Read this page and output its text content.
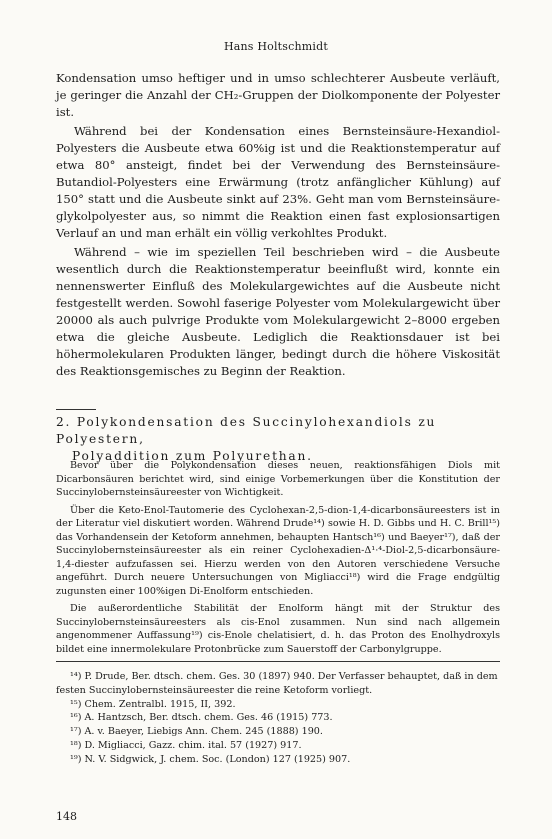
Hans Holtschmidt

Kondensation umso heftiger und in umso schlechterer Ausbeute verläuft, je geringer die Anzahl der CH₂-Gruppen der Diolkomponente der Polyester ist.

Während bei der Kondensation eines Bernsteinsäure-Hexandiol-Polyesters die Ausbeute etwa 60%ig ist und die Reaktionstemperatur auf etwa 80° ansteigt, findet bei der Verwendung des Bernsteinsäure-Butandiol-Polyesters eine Erwärmung (trotz anfänglicher Kühlung) auf 150° statt und die Ausbeute sinkt auf 23%. Geht man vom Bernsteinsäure-glykolpolyester aus, so nimmt die Reaktion einen fast explosionsartigen Verlauf an und man erhält ein völlig verkohltes Produkt.

Während – wie im speziellen Teil beschrieben wird – die Ausbeute wesentlich durch die Reaktionstemperatur beeinflußt wird, konnte ein nennenswerter Einfluß des Molekulargewichtes auf die Ausbeute nicht festgestellt werden. Sowohl faserige Polyester vom Molekulargewicht über 20000 als auch pulvrige Produkte vom Molekulargewicht 2–8000 ergeben etwa die gleiche Ausbeute. Lediglich die Reaktionsdauer ist bei höhermolekularen Produkten länger, bedingt durch die höhere Viskosität des Reaktionsgemisches zu Beginn der Reaktion.

2. Polykondensation des Succinylohexandiols zu Polyestern,
Polyaddition zum Polyurethan.

Bevor über die Polykondensation dieses neuen, reaktionsfähigen Diols mit Dicarbonsäuren berichtet wird, sind einige Vorbemerkungen über die Konstitution der Succinylobernsteinsäureester von Wichtigkeit.

Über die Keto-Enol-Tautomerie des Cyclohexan-2,5-dion-1,4-dicarbonsäureesters ist in der Literatur viel diskutiert worden. Während Drude¹⁴) sowie H. D. Gibbs und H. C. Brill¹⁵) das Vorhandensein der Ketoform annehmen, behaupten Hantsch¹⁶) und Baeyer¹⁷), daß der Succinylobernsteinsäureester als ein reiner Cyclohexadien-Δ¹·⁴-Diol-2,5-dicarbonsäure-1,4-diester aufzufassen sei. Hierzu werden von den Autoren verschiedene Versuche angeführt. Durch neuere Untersuchungen von Migliacci¹⁸) wird die Frage endgültig zugunsten einer 100%igen Di-Enolform entschieden.

Die außerordentliche Stabilität der Enolform hängt mit der Struktur des Succinylobernsteinsäureesters als cis-Enol zusammen. Nun sind nach allgemein angenommener Auffassung¹⁹) cis-Enole chelatisiert, d. h. das Proton des Enolhydroxyls bildet eine innermolekulare Protonbrücke zum Sauerstoff der Carbonylgruppe.

¹⁴) P. Drude, Ber. dtsch. chem. Ges. 30 (1897) 940. Der Verfasser behauptet, daß in dem festen Succinylobernsteinsäureester die reine Ketoform vorliegt.
¹⁵) Chem. Zentralbl. 1915, II, 392.
¹⁶) A. Hantzsch, Ber. dtsch. chem. Ges. 46 (1915) 773.
¹⁷) A. v. Baeyer, Liebigs Ann. Chem. 245 (1888) 190.
¹⁸) D. Migliacci, Gazz. chim. ital. 57 (1927) 917.
¹⁹) N. V. Sidgwick, J. chem. Soc. (London) 127 (1925) 907.
148
